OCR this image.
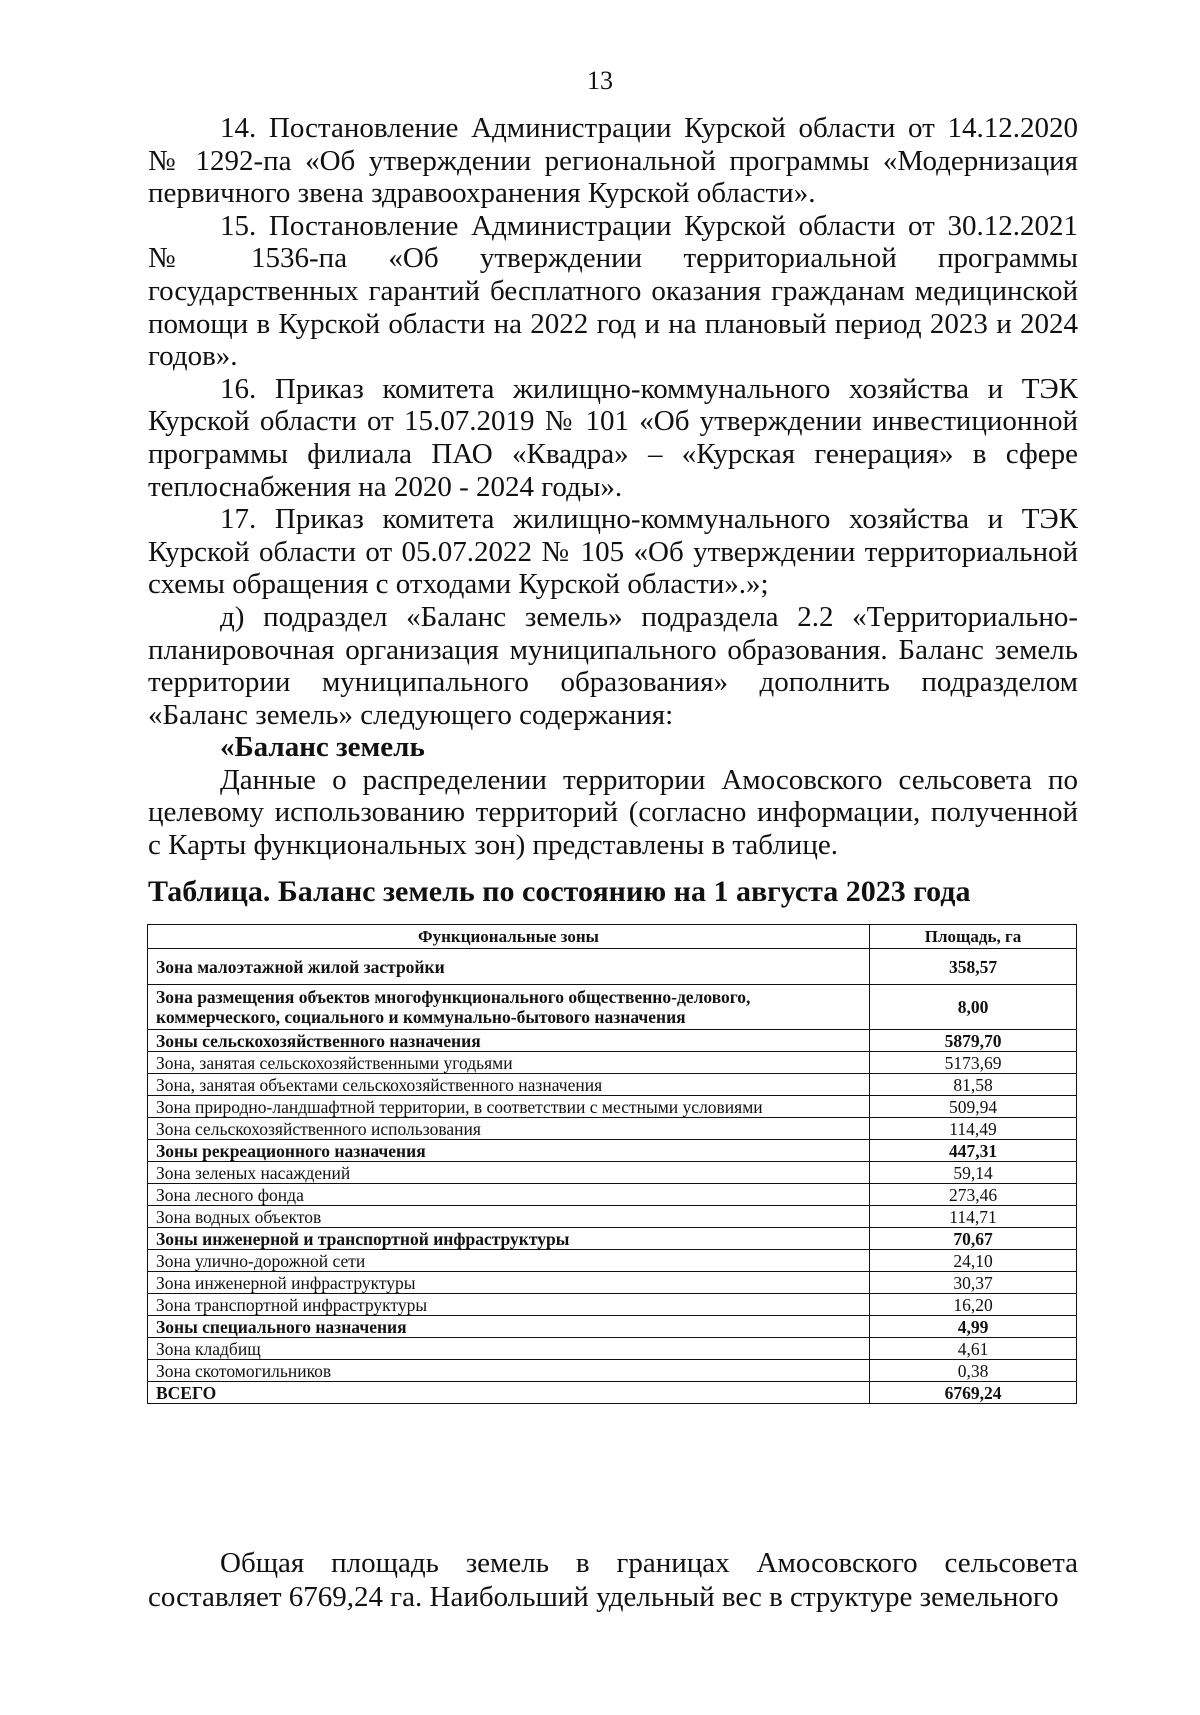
13

14. Постановление Администрации Курской области от 14.12.2020 № 1292-па «Об утверждении региональной программы «Модернизация первичного звена здравоохранения Курской области».

15. Постановление Администрации Курской области от 30.12.2021 № 1536-па «Об утверждении территориальной программы государственных гарантий бесплатного оказания гражданам медицинской помощи в Курской области на 2022 год и на плановый период 2023 и 2024 годов».

16. Приказ комитета жилищно-коммунального хозяйства и ТЭК Курской области от 15.07.2019 № 101 «Об утверждении инвестиционной программы филиала ПАО «Квадра» – «Курская генерация» в сфере теплоснабжения на 2020 - 2024 годы».

17. Приказ комитета жилищно-коммунального хозяйства и ТЭК Курской области от 05.07.2022 № 105 «Об утверждении территориальной схемы обращения с отходами Курской области».»;

д) подраздел «Баланс земель» подраздела 2.2 «Территориально-планировочная организация муниципального образования. Баланс земель территории муниципального образования» дополнить подразделом «Баланс земель» следующего содержания:

«Баланс земель

Данные о распределении территории Амосовского сельсовета по целевому использованию территорий (согласно информации, полученной с Карты функциональных зон) представлены в таблице.

Таблица. Баланс земель по состоянию на 1 августа 2023 года
Функциональные зоны	Площадь, га
Зона малоэтажной жилой застройки	358,57
Зона размещения объектов многофункционального общественно-делового, коммерческого, социального и коммунально-бытового назначения	8,00
Зоны сельскохозяйственного назначения	5879,70
Зона, занятая сельскохозяйственными угодьями	5173,69
Зона, занятая объектами сельскохозяйственного назначения	81,58
Зона природно-ландшафтной территории, в соответствии с местными условиями	509,94
Зона сельскохозяйственного использования	114,49
Зоны рекреационного назначения	447,31
Зона зеленых насаждений	59,14
Зона лесного фонда	273,46
Зона водных объектов	114,71
Зоны инженерной и транспортной инфраструктуры	70,67
Зона улично-дорожной сети	24,10
Зона инженерной инфраструктуры	30,37
Зона транспортной инфраструктуры	16,20
Зоны специального назначения	4,99
Зона кладбищ	4,61
Зона скотомогильников	0,38
ВСЕГО	6769,24

Общая площадь земель в границах Амосовского сельсовета составляет 6769,24 га. Наибольший удельный вес в структуре земельного
